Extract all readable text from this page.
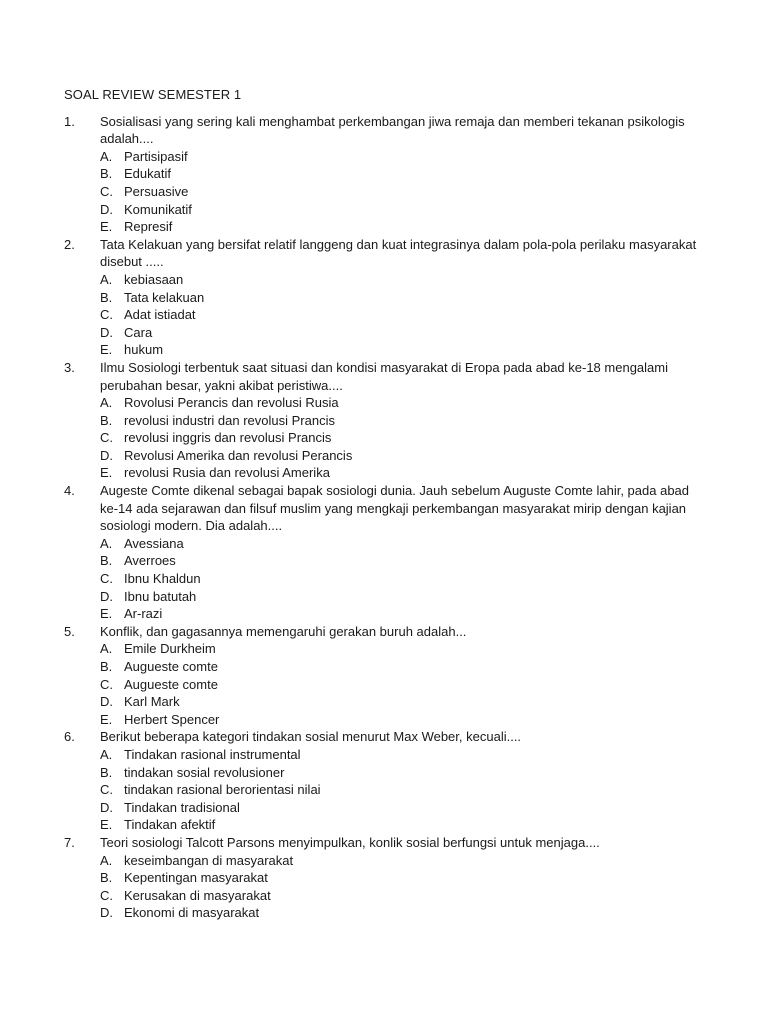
SOAL REVIEW SEMESTER 1
1. Sosialisasi yang sering kali menghambat perkembangan jiwa remaja dan memberi tekanan psikologis adalah....
A. Partisipasif
B. Edukatif
C. Persuasive
D. Komunikatif
E. Represif
2. Tata Kelakuan yang bersifat relatif langgeng dan kuat integrasinya dalam pola-pola perilaku masyarakat disebut .....
A. kebiasaan
B. Tata kelakuan
C. Adat istiadat
D. Cara
E. hukum
3. Ilmu Sosiologi terbentuk saat situasi dan kondisi masyarakat di Eropa pada abad ke-18 mengalami perubahan besar, yakni akibat peristiwa....
A. Rovolusi Perancis dan revolusi Rusia
B. revolusi industri dan revolusi Prancis
C. revolusi inggris dan revolusi Prancis
D. Revolusi Amerika dan revolusi Perancis
E. revolusi Rusia dan revolusi Amerika
4. Augeste Comte dikenal sebagai bapak sosiologi dunia. Jauh sebelum Auguste Comte lahir, pada abad ke-14 ada sejarawan dan filsuf muslim yang mengkaji perkembangan masyarakat mirip dengan kajian sosiologi modern. Dia adalah....
A. Avessiana
B. Averroes
C. Ibnu Khaldun
D. Ibnu batutah
E. Ar-razi
5. Konflik, dan gagasannya memengaruhi gerakan buruh adalah...
A. Emile Durkheim
B. Augueste comte
C. Augueste comte
D. Karl Mark
E. Herbert Spencer
6. Berikut beberapa kategori tindakan sosial menurut Max Weber, kecuali....
A. Tindakan rasional instrumental
B. tindakan sosial revolusioner
C. tindakan rasional berorientasi nilai
D. Tindakan tradisional
E. Tindakan afektif
7. Teori sosiologi Talcott Parsons menyimpulkan, konlik sosial berfungsi untuk menjaga....
A. keseimbangan di masyarakat
B. Kepentingan masyarakat
C. Kerusakan di masyarakat
D. Ekonomi di masyarakat
